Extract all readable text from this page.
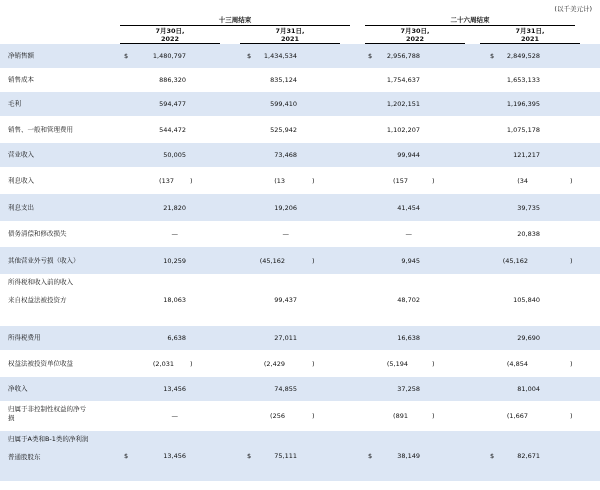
(以千美元计)
十三周结束	二十六周结束
7月30日,
2022
7月31日,
2021
7月30日,
2022
7月31日,
2021
净销售额	$	1,480,797	$ 1,434,534	$ 2,956,788	$ 2,849,528
销售成本	886,320	835,124	1,754,637	1,653,133
毛利	594,477	599,410	1,202,151	1,196,395
销售、一般和管理费用	544,472	525,942	1,102,207	1,075,178
营业收入	50,005	73,468	99,944	121,217
利息收入	(137 )	(13	)	(157	)	(34	)
利息支出	21,820	19,206	41,454	39,735
债务清偿和修改损失	—	—	—	20,838
其他营业外亏损（收入）	10,259	(45,162	)	9,945	(45,162	)
所得税和收入前的收入

来自权益法被投资方	18,063	99,437	48,702	105,840
所得税费用	6,638	27,011	16,638	29,690
权益法被投资单位收益	(2,031 )	(2,429	)	(5,194	)	(4,854	)
净收入	13,456	74,855	37,258	81,004
归属于非控制性权益的净亏
损	—	(256	)	(891	)	(1,667	)
归属于A类和B-1类的净利润

普通股股东	$	13,456	$	75,111	$	38,149	$	82,671
